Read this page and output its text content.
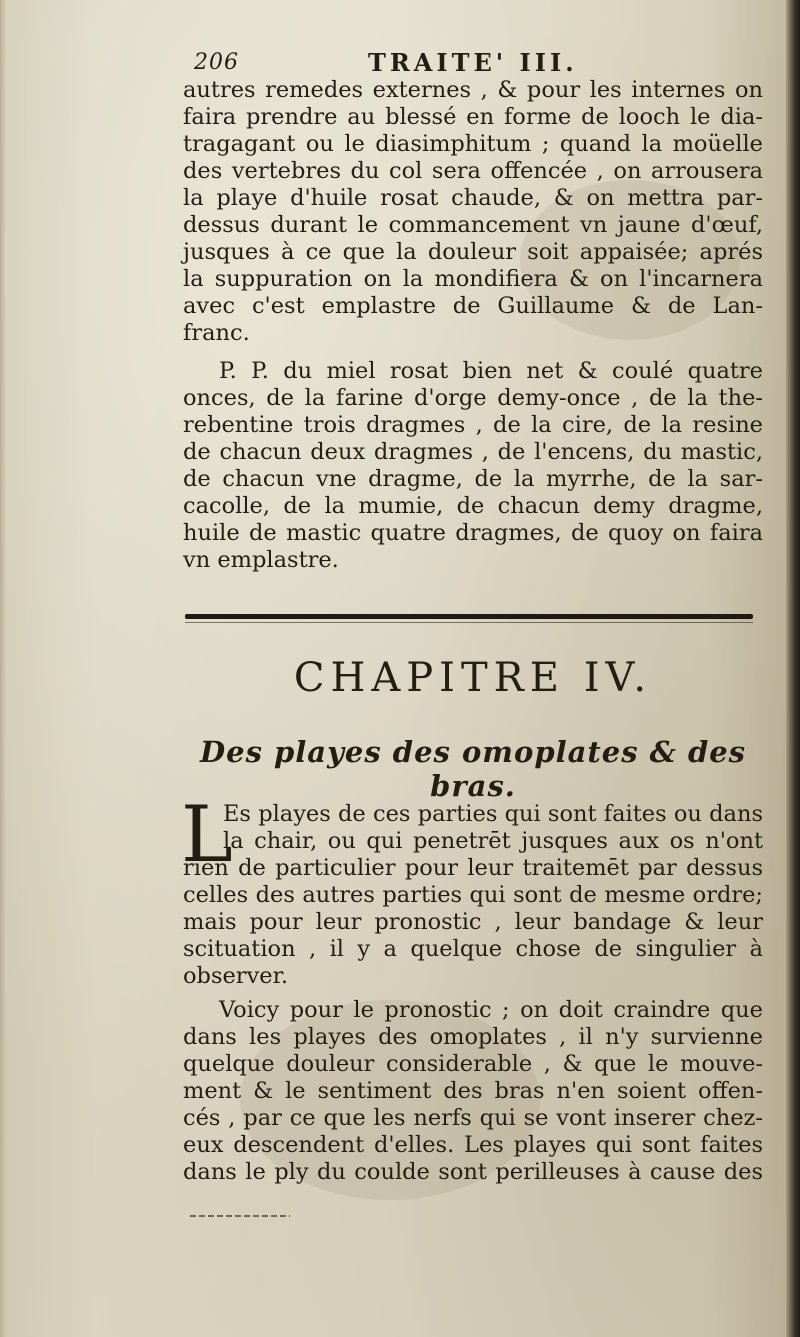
206	TRAITE' III.
autres remedes externes , & pour les internes on
faira prendre au blessé en forme de looch le dia-
tragagant ou le diasimphitum ; quand la moüelle
des vertebres du col sera offencée , on arrousera
la playe d'huile rosat chaude, & on mettra par-
dessus durant le commancement vn jaune d'œuf,
jusques à ce que la douleur soit appaisée; aprés
la suppuration on la mondifiera & on l'incarnera
avec c'est emplastre de Guillaume & de Lan-
franc.
P. P. du miel rosat bien net & coulé quatre
onces, de la farine d'orge demy-once , de la the-
rebentine trois dragmes , de la cire, de la resine
de chacun deux dragmes , de l'encens, du mastic,
de chacun vne dragme, de la myrrhe, de la sar-
cacolle, de la mumie, de chacun demy dragme,
huile de mastic quatre dragmes, de quoy on faira
vn emplastre.
CHAPITRE IV.
Des playes des omoplates & des bras.
L
Es playes de ces parties qui sont faites ou dans
la chair, ou qui penetrēt jusques aux os n'ont
rien de particulier pour leur traitemēt par dessus
celles des autres parties qui sont de mesme ordre;
mais pour leur pronostic , leur bandage & leur
scituation , il y a quelque chose de singulier à
observer.
Voicy pour le pronostic ; on doit craindre que
dans les playes des omoplates , il n'y survienne
quelque douleur considerable , & que le mouve-
ment & le sentiment des bras n'en soient offen-
cés , par ce que les nerfs qui se vont inserer chez-
eux descendent d'elles. Les playes qui sont faites
dans le ply du coulde sont perilleuses à cause des
